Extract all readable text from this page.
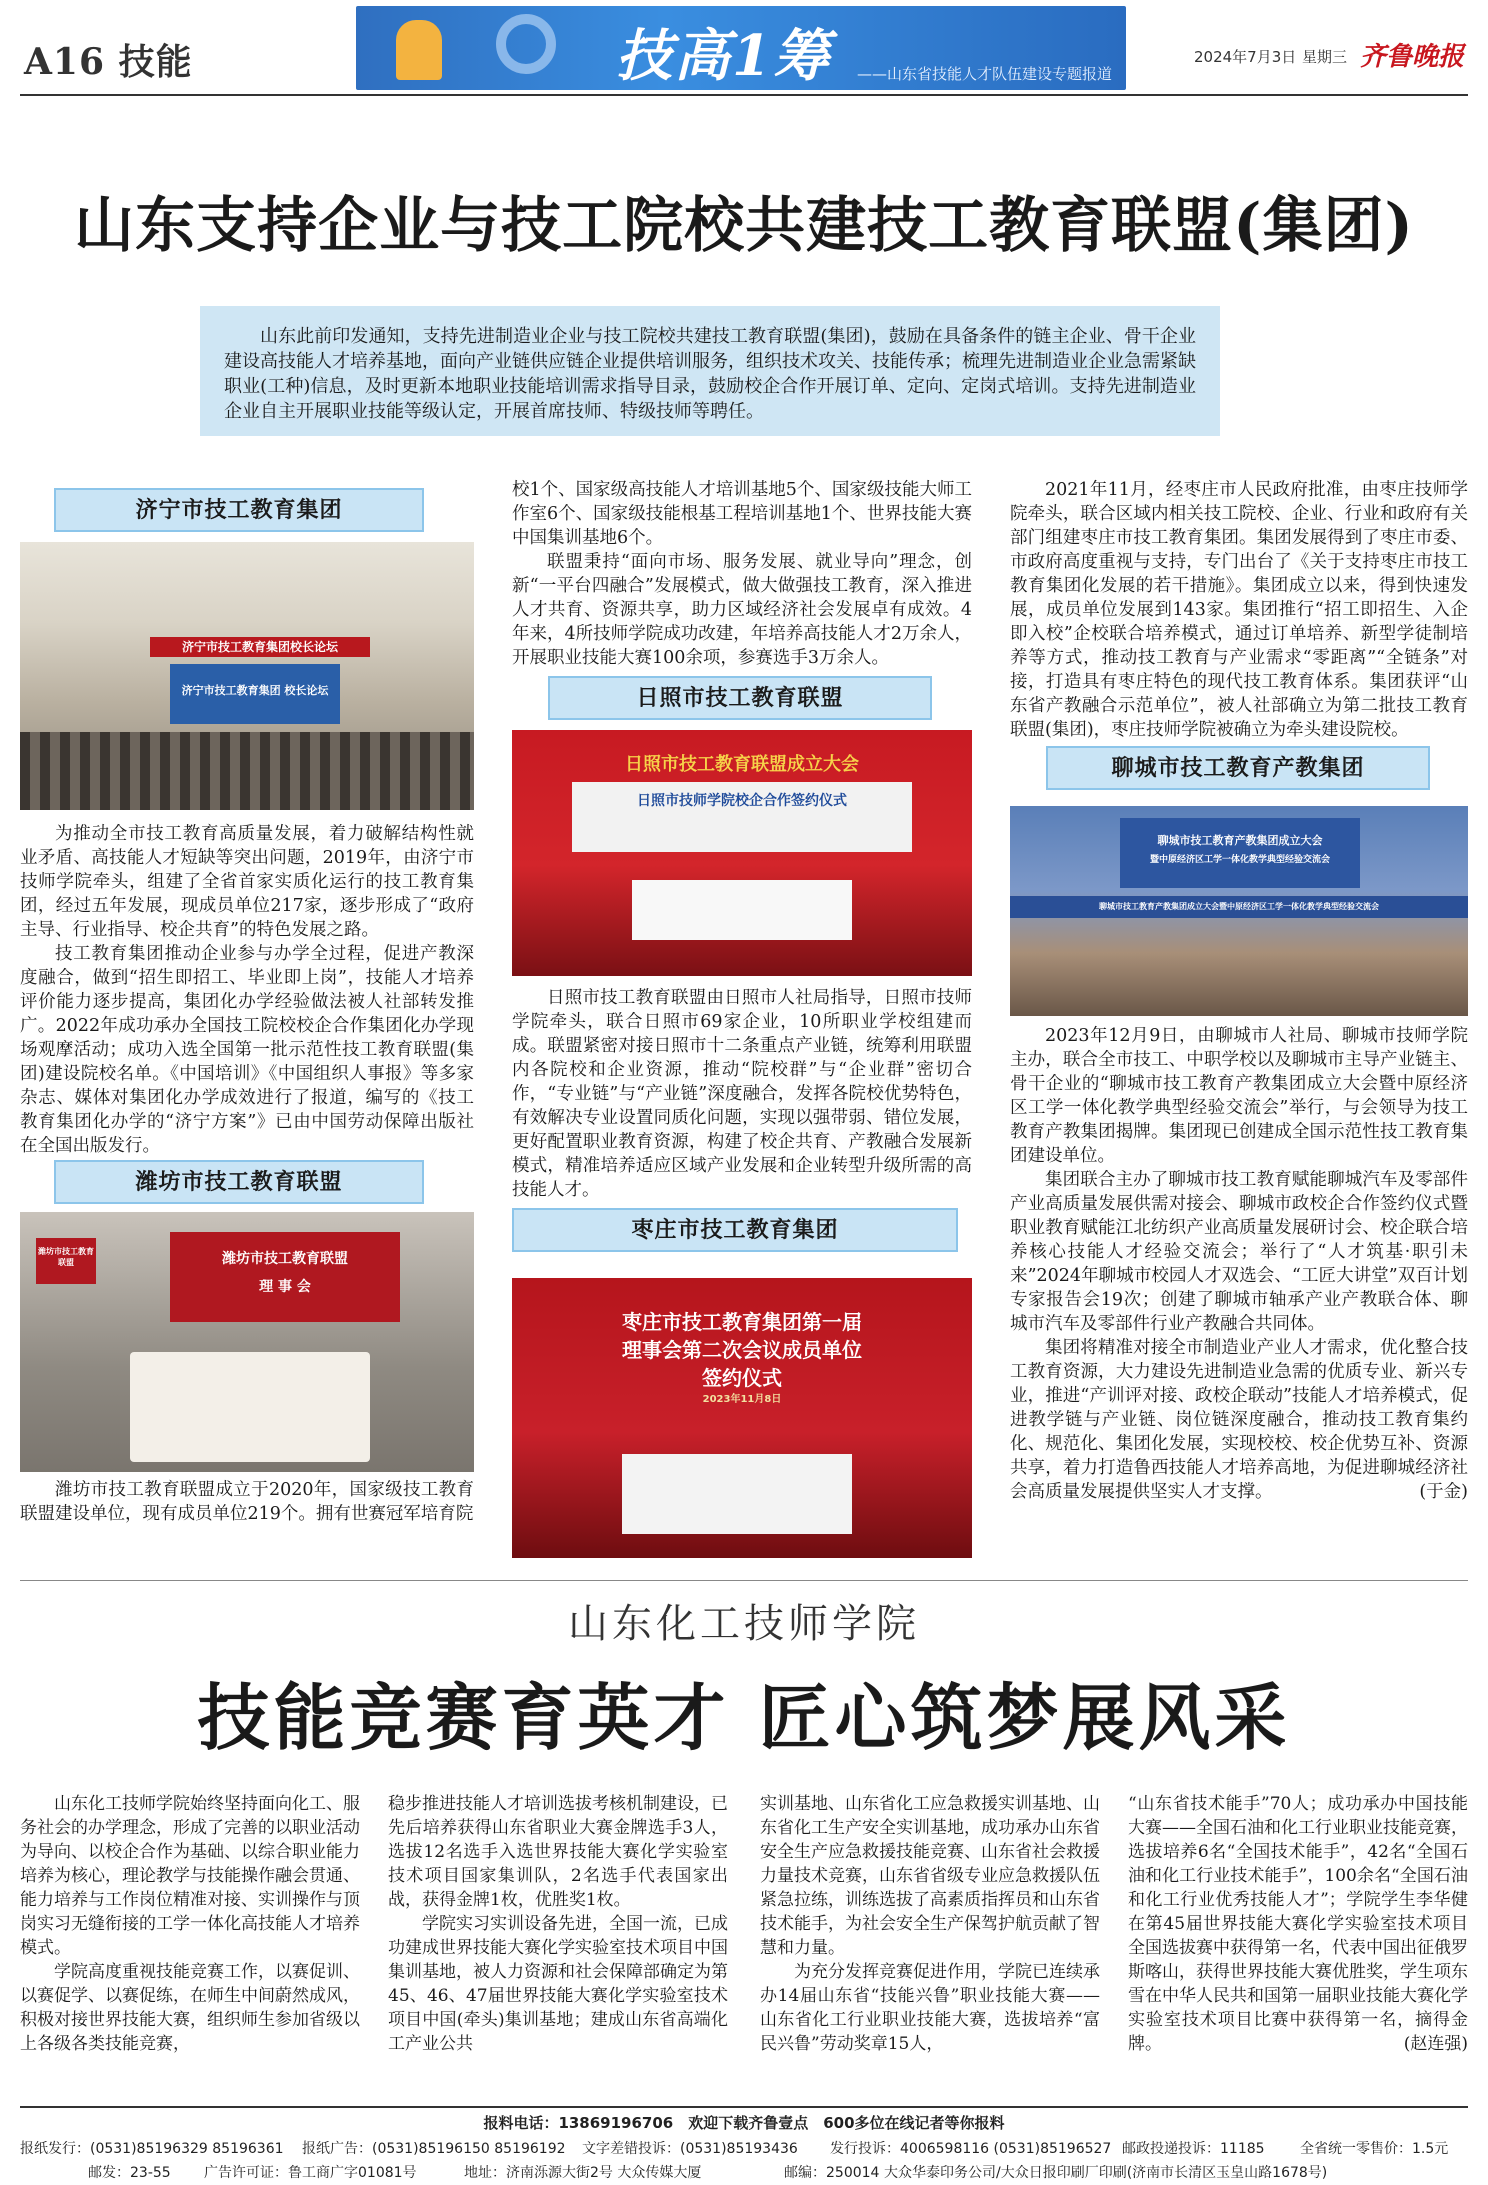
A16 技能	技高1筹 ——山东省技能人才队伍建设专题报道
2024年7月3日 星期三 齐鲁晚报
山东支持企业与技工院校共建技工教育联盟(集团)

山东此前印发通知，支持先进制造业企业与技工院校共建技工教育联盟(集团)，鼓励在具备条件的链主企业、骨干企业建设高技能人才培养基地，面向产业链供应链企业提供培训服务，组织技术攻关、技能传承；梳理先进制造业企业急需紧缺职业(工种)信息，及时更新本地职业技能培训需求指导目录，鼓励校企合作开展订单、定向、定岗式培训。支持先进制造业企业自主开展职业技能等级认定，开展首席技师、特级技师等聘任。

济宁市技工教育集团
济宁市技工教育集团校长论坛
济宁市技工教育集团 校长论坛

为推动全市技工教育高质量发展，着力破解结构性就业矛盾、高技能人才短缺等突出问题，2019年，由济宁市技师学院牵头，组建了全省首家实质化运行的技工教育集团，经过五年发展，现成员单位217家，逐步形成了“政府主导、行业指导、校企共育”的特色发展之路。

技工教育集团推动企业参与办学全过程，促进产教深度融合，做到“招生即招工、毕业即上岗”，技能人才培养评价能力逐步提高，集团化办学经验做法被人社部转发推广。2022年成功承办全国技工院校校企合作集团化办学现场观摩活动；成功入选全国第一批示范性技工教育联盟(集团)建设院校名单。《中国培训》《中国组织人事报》等多家杂志、媒体对集团化办学成效进行了报道，编写的《技工教育集团化办学的“济宁方案”》已由中国劳动保障出版社在全国出版发行。

潍坊市技工教育联盟
潍坊市技工教育联盟	潍坊市技工教育联盟
理 事 会

潍坊市技工教育联盟成立于2020年，国家级技工教育联盟建设单位，现有成员单位219个。拥有世赛冠军培育院

校1个、国家级高技能人才培训基地5个、国家级技能大师工作室6个、国家级技能根基工程培训基地1个、世界技能大赛中国集训基地6个。

联盟秉持“面向市场、服务发展、就业导向”理念，创新“一平台四融合”发展模式，做大做强技工教育，深入推进人才共育、资源共享，助力区域经济社会发展卓有成效。4年来，4所技师学院成功改建，年培养高技能人才2万余人，开展职业技能大赛100余项，参赛选手3万余人。

日照市技工教育联盟
日照市技工教育联盟成立大会
日照市技师学院校企合作签约仪式

日照市技工教育联盟由日照市人社局指导，日照市技师学院牵头，联合日照市69家企业，10所职业学校组建而成。联盟紧密对接日照市十二条重点产业链，统筹利用联盟内各院校和企业资源，推动“院校群”与“企业群”密切合作，“专业链”与“产业链”深度融合，发挥各院校优势特色，有效解决专业设置同质化问题，实现以强带弱、错位发展，更好配置职业教育资源，构建了校企共育、产教融合发展新模式，精准培养适应区域产业发展和企业转型升级所需的高技能人才。

枣庄市技工教育集团
枣庄市技工教育集团第一届
理事会第二次会议成员单位
签约仪式
2023年11月8日

2021年11月，经枣庄市人民政府批准，由枣庄技师学院牵头，联合区域内相关技工院校、企业、行业和政府有关部门组建枣庄市技工教育集团。集团发展得到了枣庄市委、市政府高度重视与支持，专门出台了《关于支持枣庄市技工教育集团化发展的若干措施》。集团成立以来，得到快速发展，成员单位发展到143家。集团推行“招工即招生、入企即入校”企校联合培养模式，通过订单培养、新型学徒制培养等方式，推动技工教育与产业需求“零距离”“全链条”对接，打造具有枣庄特色的现代技工教育体系。集团获评“山东省产教融合示范单位”，被人社部确立为第二批技工教育联盟(集团)，枣庄技师学院被确立为牵头建设院校。

聊城市技工教育产教集团
聊城市技工教育产教集团成立大会
暨中原经济区工学一体化教学典型经验交流会
聊城市技工教育产教集团成立大会暨中原经济区工学一体化教学典型经验交流会

2023年12月9日，由聊城市人社局、聊城市技师学院主办，联合全市技工、中职学校以及聊城市主导产业链主、骨干企业的“聊城市技工教育产教集团成立大会暨中原经济区工学一体化教学典型经验交流会”举行，与会领导为技工教育产教集团揭牌。集团现已创建成全国示范性技工教育集团建设单位。

集团联合主办了聊城市技工教育赋能聊城汽车及零部件产业高质量发展供需对接会、聊城市政校企合作签约仪式暨职业教育赋能江北纺织产业高质量发展研讨会、校企联合培养核心技能人才经验交流会；举行了“人才筑基·职引未来”2024年聊城市校园人才双选会、“工匠大讲堂”双百计划专家报告会19次；创建了聊城市轴承产业产教联合体、聊城市汽车及零部件行业产教融合共同体。

集团将精准对接全市制造业产业人才需求，优化整合技工教育资源，大力建设先进制造业急需的优质专业、新兴专业，推进“产训评对接、政校企联动”技能人才培养模式，促进教学链与产业链、岗位链深度融合，推动技工教育集约化、规范化、集团化发展，实现校校、校企优势互补、资源共享，着力打造鲁西技能人才培养高地，为促进聊城经济社会高质量发展提供坚实人才支撑。	(于金)

山东化工技师学院
技能竞赛育英才 匠心筑梦展风采

山东化工技师学院始终坚持面向化工、服务社会的办学理念，形成了完善的以职业活动为导向、以校企合作为基础、以综合职业能力培养为核心，理论教学与技能操作融会贯通、能力培养与工作岗位精准对接、实训操作与顶岗实习无缝衔接的工学一体化高技能人才培养模式。

学院高度重视技能竞赛工作，以赛促训、以赛促学、以赛促练，在师生中间蔚然成风，积极对接世界技能大赛，组织师生参加省级以上各级各类技能竞赛，

稳步推进技能人才培训选拔考核机制建设，已先后培养获得山东省职业大赛金牌选手3人，选拔12名选手入选世界技能大赛化学实验室技术项目国家集训队，2名选手代表国家出战，获得金牌1枚，优胜奖1枚。

学院实习实训设备先进，全国一流，已成功建成世界技能大赛化学实验室技术项目中国集训基地，被人力资源和社会保障部确定为第45、46、47届世界技能大赛化学实验室技术项目中国(牵头)集训基地；建成山东省高端化工产业公共

实训基地、山东省化工应急救援实训基地、山东省化工生产安全实训基地，成功承办山东省安全生产应急救援技能竞赛、山东省社会救援力量技术竞赛，山东省省级专业应急救援队伍紧急拉练，训练选拔了高素质指挥员和山东省技术能手，为社会安全生产保驾护航贡献了智慧和力量。

为充分发挥竞赛促进作用，学院已连续承办14届山东省“技能兴鲁”职业技能大赛——山东省化工行业职业技能大赛，选拔培养“富民兴鲁”劳动奖章15人，

“山东省技术能手”70人；成功承办中国技能大赛——全国石油和化工行业职业技能竞赛，选拔培养6名“全国技术能手”，42名“全国石油和化工行业技术能手”，100余名“全国石油和化工行业优秀技能人才”；学院学生李华健在第45届世界技能大赛化学实验室技术项目全国选拔赛中获得第一名，代表中国出征俄罗斯喀山，获得世界技能大赛优胜奖，学生项东雪在中华人民共和国第一届职业技能大赛化学实验室技术项目比赛中获得第一名，摘得金牌。	(赵连强)

报料电话：13869196706　欢迎下载齐鲁壹点　600多位在线记者等你报料
报纸发行：(0531)85196329 85196361 报纸广告：(0531)85196150 85196192 文字差错投诉：(0531)85193436 发行投诉：4006598116 (0531)85196527 邮政投递投诉：11185	全省统一零售价：1.5元
邮发：23-55 广告许可证：鲁工商广字01081号	地址：济南泺源大街2号 大众传媒大厦	邮编：250014 大众华泰印务公司/大众日报印刷厂印刷(济南市长清区玉皇山路1678号)
